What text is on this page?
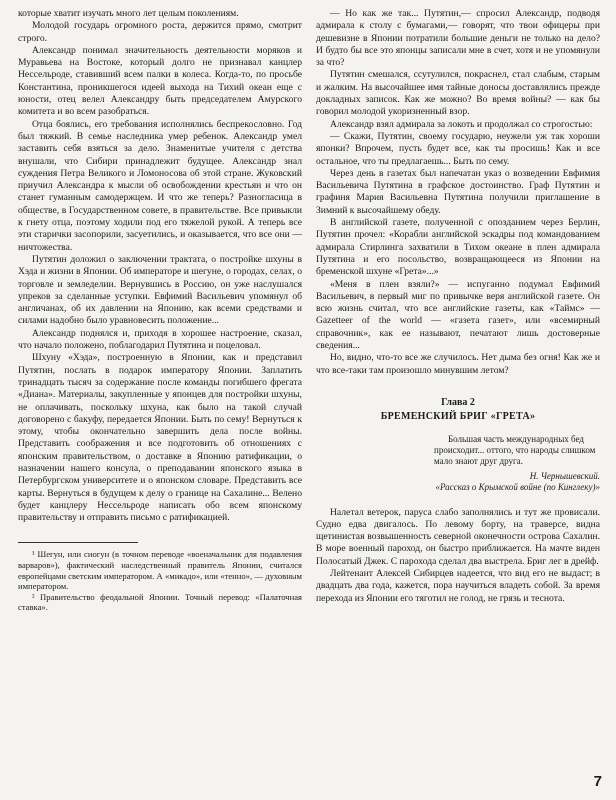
которые хватит изучать много лет целым поколениям.

Молодой государь огромного роста, держится прямо, смотрит строго.

Александр понимал значительность деятельности моряков и Муравьева на Востоке, который долго не признавал канцлер Нессельроде, ставивший всем палки в колеса. Когда-то, по просьбе Константина, проникшегося идеей выхода на Тихий океан еще с юности, отец велел Александру быть председателем Амурского комитета и во всем разобраться.

Отца боялись, его требования исполнялись беспрекословно. Год был тяжкий. В семье наследника умер ребенок. Александр умел заставить себя взяться за дело. Знаменитые учителя с детства внушали, что Сибири принадлежит будущее. Александр знал суждения Петра Великого и Ломоносова об этой стране. Жуковский приучил Александра к мысли об освобождении крестьян и что он станет гуманным самодержцем. И что же теперь? Разногласица в обществе, в Государственном совете, в правительстве. Все привыкли к гнету отца, поэтому ходили под его тяжелой рукой. А теперь все эти старички засопорили, засуетились, и оказывается, что все они — ничтожества.

Путятин доложил о заключении трактата, о постройке шхуны в Хэда и жизни в Японии. Об императоре и шегуне, о городах, селах, о торговле и земледелии. Вернувшись в Россию, он уже наслушался упреков за сделанные уступки. Евфимий Васильевич упомянул об англичанах, об их давлении на Японию, как всеми средствами и силами надобно было уравновесить положение...

Александр поднялся и, приходя в хорошее настроение, сказал, что начало положено, поблагодарил Путятина и поцеловал.

Шхуну «Хэда», построенную в Японии, как и представил Путятин, послать в подарок императору Японии. Заплатить тринадцать тысяч за содержание после команды погибшего фрегата «Диана». Материалы, закупленные у японцев для постройки шхуны, не оплачивать, поскольку шхуна, как было на такой случай договорено с бакуфу, передается Японии. Быть по сему! Вернуться к этому, чтобы окончательно завершить дела после войны. Представить соображения и все подготовить об отношениях с японским правительством, о доставке в Японию ратификации, о назначении нашего консула, о преподавании японского языка в Петербургском университете и о японском словаре. Представить все карты. Вернуться в будущем к делу о границе на Сахалине... Велено будет канцлеру Нессельроде написать обо всем японскому правительству и отправить письмо с ратификацией.

¹ Шегун, или сиогун (в точном переводе «военачальник для подавления варваров»), фактический наследственный правитель Японии, считался европейцами светским императором. А «микадо», или «тенно», — духовным императором.

² Правительство феодальной Японии. Точный перевод: «Палаточная ставка».

— Но как же так... Путятин,— спросил Александр, подводя адмирала к столу с бумагами,— говорят, что твои офицеры при дешевизне в Японии потратили большие деньги не только на дело? И будто бы все это японцы записали мне в счет, хотя и не упомянули за что?

Путятин смешался, ссутулился, покраснел, стал слабым, старым и жалким. На высочайшее имя тайные доносы доставлялись прежде докладных записок. Как же можно? Во время войны? — как бы говорил молодой укоризненный взор.

Александр взял адмирала за локоть и продолжал со строгостью:

— Скажи, Путятин, своему государю, неужели уж так хороши японки? Впрочем, пусть будет все, как ты просишь! Как и все остальное, что ты предлагаешь... Быть по сему.

Через день в газетах был напечатан указ о возведении Евфимия Васильевича Путятина в графское достоинство. Граф Путятин и графиня Мария Васильевна Путятина получили приглашение в Зимний к высочайшему обеду.

В английской газете, полученной с опозданием через Берлин, Путятин прочел: «Корабли английской эскадры под командованием адмирала Стирлинга захватили в Тихом океане в плен адмирала Путятина и его посольство, возвращающееся из Японии на бременской шхуне «Грета»...»

«Меня в плен взяли?» — испуганно подумал Евфимий Васильевич, в первый миг по привычке веря английской газете. Он всю жизнь считал, что все английские газеты, как «Таймс» — Gazetteer of the world — «газета газет», или «всемирный справочник», как ее называют, печатают лишь достоверные сведения...

Но, видно, что-то все же случилось. Нет дыма без огня! Как же и что все-таки там произошло минувшим летом?

Глава 2
БРЕМЕНСКИЙ БРИГ «ГРЕТА»
Большая часть международных бед происходит... оттого, что народы слишком мало знают друг друга.
Н. Чернышевский.
«Рассказ о Крымской войне (по Кинглеку)»

Налетал ветерок, паруса слабо заполнялись и тут же провисали. Судно едва двигалось. По левому борту, на траверсе, видна щетинистая возвышенность северной оконечности острова Сахалин. В море военный пароход, он быстро приближается. На мачте виден Полосатый Джек. С парохода сделал два выстрела. Бриг лег в дрейф.

Лейтенант Алексей Сибирцев надеется, что вид его не выдаст; в двадцать два года, кажется, пора научиться владеть собой. За время перехода из Японии его тяготил не голод, не грязь и теснота.

7
